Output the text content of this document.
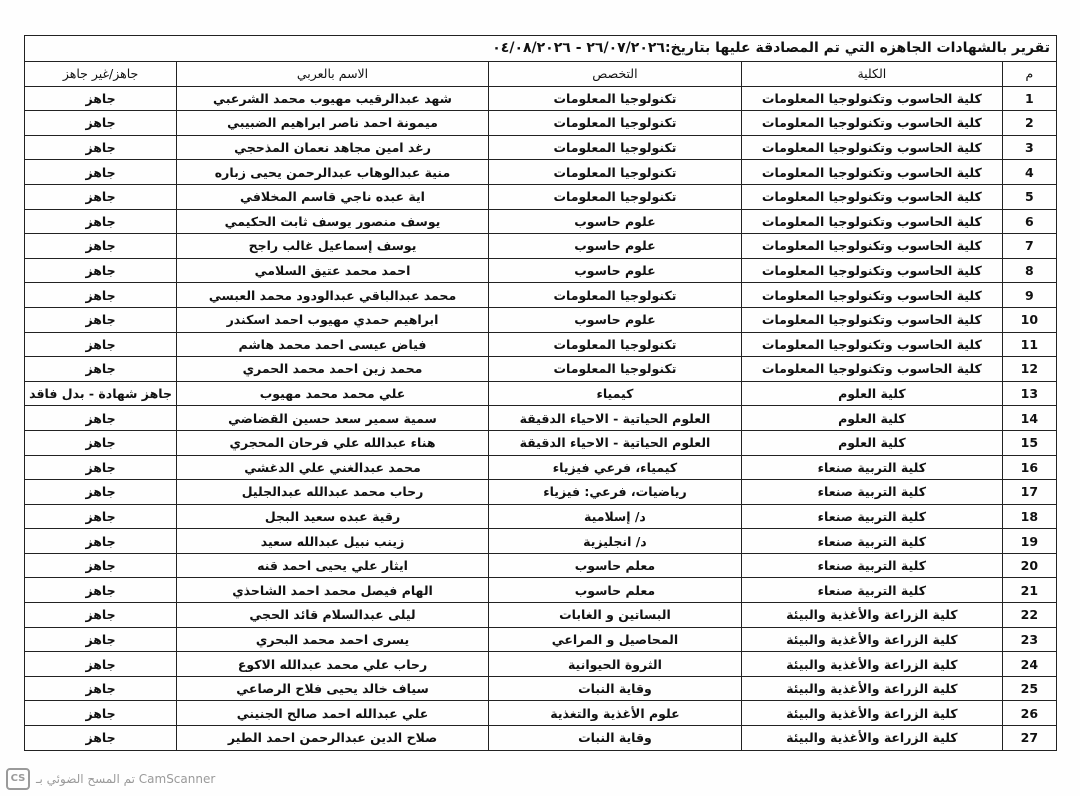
تقرير بالشهادات الجاهزه التي تم المصادقة عليها بتاريخ:٢٦/٠٧/٢٠٢٦ - ٠٤/٠٨/٢٠٢٦				
م	الكلية	التخصص	الاسم بالعربي	جاهز/غير جاهز
1	كلية الحاسوب وتكنولوجيا المعلومات	تكنولوجيا المعلومات	شهد عبدالرقيب مهيوب محمد الشرعبي	جاهز
2	كلية الحاسوب وتكنولوجيا المعلومات	تكنولوجيا المعلومات	ميمونة احمد ناصر ابراهيم الضبيبي	جاهز
3	كلية الحاسوب وتكنولوجيا المعلومات	تكنولوجيا المعلومات	رغد امين مجاهد نعمان المذحجي	جاهز
4	كلية الحاسوب وتكنولوجيا المعلومات	تكنولوجيا المعلومات	منية عبدالوهاب عبدالرحمن يحيى زباره	جاهز
5	كلية الحاسوب وتكنولوجيا المعلومات	تكنولوجيا المعلومات	اية عبده ناجي قاسم المخلافي	جاهز
6	كلية الحاسوب وتكنولوجيا المعلومات	علوم حاسوب	يوسف منصور يوسف ثابت الحكيمي	جاهز
7	كلية الحاسوب وتكنولوجيا المعلومات	علوم حاسوب	يوسف إسماعيل غالب راجح	جاهز
8	كلية الحاسوب وتكنولوجيا المعلومات	علوم حاسوب	احمد محمد عتيق السلامي	جاهز
9	كلية الحاسوب وتكنولوجيا المعلومات	تكنولوجيا المعلومات	محمد عبدالباقي عبدالودود محمد العبسي	جاهز
10	كلية الحاسوب وتكنولوجيا المعلومات	علوم حاسوب	ابراهيم حمدي مهيوب احمد اسكندر	جاهز
11	كلية الحاسوب وتكنولوجيا المعلومات	تكنولوجيا المعلومات	فياض عيسى احمد محمد هاشم	جاهز
12	كلية الحاسوب وتكنولوجيا المعلومات	تكنولوجيا المعلومات	محمد زين احمد محمد الحمري	جاهز
13	كلية العلوم	كيمياء	علي محمد محمد مهيوب	جاهز شهادة - بدل فاقد
14	كلية العلوم	العلوم الحياتية - الاحياء الدقيقة	سمية سمير سعد حسين القضاضي	جاهز
15	كلية العلوم	العلوم الحياتية - الاحياء الدقيقة	هناء عبدالله علي فرحان المحجري	جاهز
16	كلية التربية صنعاء	كيمياء، فرعي فيزياء	محمد عبدالغني علي الدغشي	جاهز
17	كلية التربية صنعاء	رياضيات، فرعي: فيزياء	رحاب محمد عبدالله عبدالجليل	جاهز
18	كلية التربية صنعاء	د/ إسلامية	رقية عبده سعيد البجل	جاهز
19	كلية التربية صنعاء	د/ انجليزية	زينب نبيل عبدالله سعيد	جاهز
20	كلية التربية صنعاء	معلم حاسوب	ايثار علي يحيى احمد قنه	جاهز
21	كلية التربية صنعاء	معلم حاسوب	الهام فيصل محمد احمد الشاحذي	جاهز
22	كلية الزراعة والأغذية والبيئة	البساتين و الغابات	ليلى عبدالسلام قائد الحجي	جاهز
23	كلية الزراعة والأغذية والبيئة	المحاصيل و المراعي	يسرى احمد محمد البحري	جاهز
24	كلية الزراعة والأغذية والبيئة	الثروة الحيوانية	رحاب علي محمد عبدالله الاكوع	جاهز
25	كلية الزراعة والأغذية والبيئة	وقاية النبات	سياف خالد يحيى فلاح الرصاعي	جاهز
26	كلية الزراعة والأغذية والبيئة	علوم الأغذية والتغذية	علي عبدالله احمد صالح الجنيني	جاهز
27	كلية الزراعة والأغذية والبيئة	وقاية النبات	صلاح الدين عبدالرحمن احمد الطير	جاهز
CS تم المسح الضوئي بـ CamScanner
